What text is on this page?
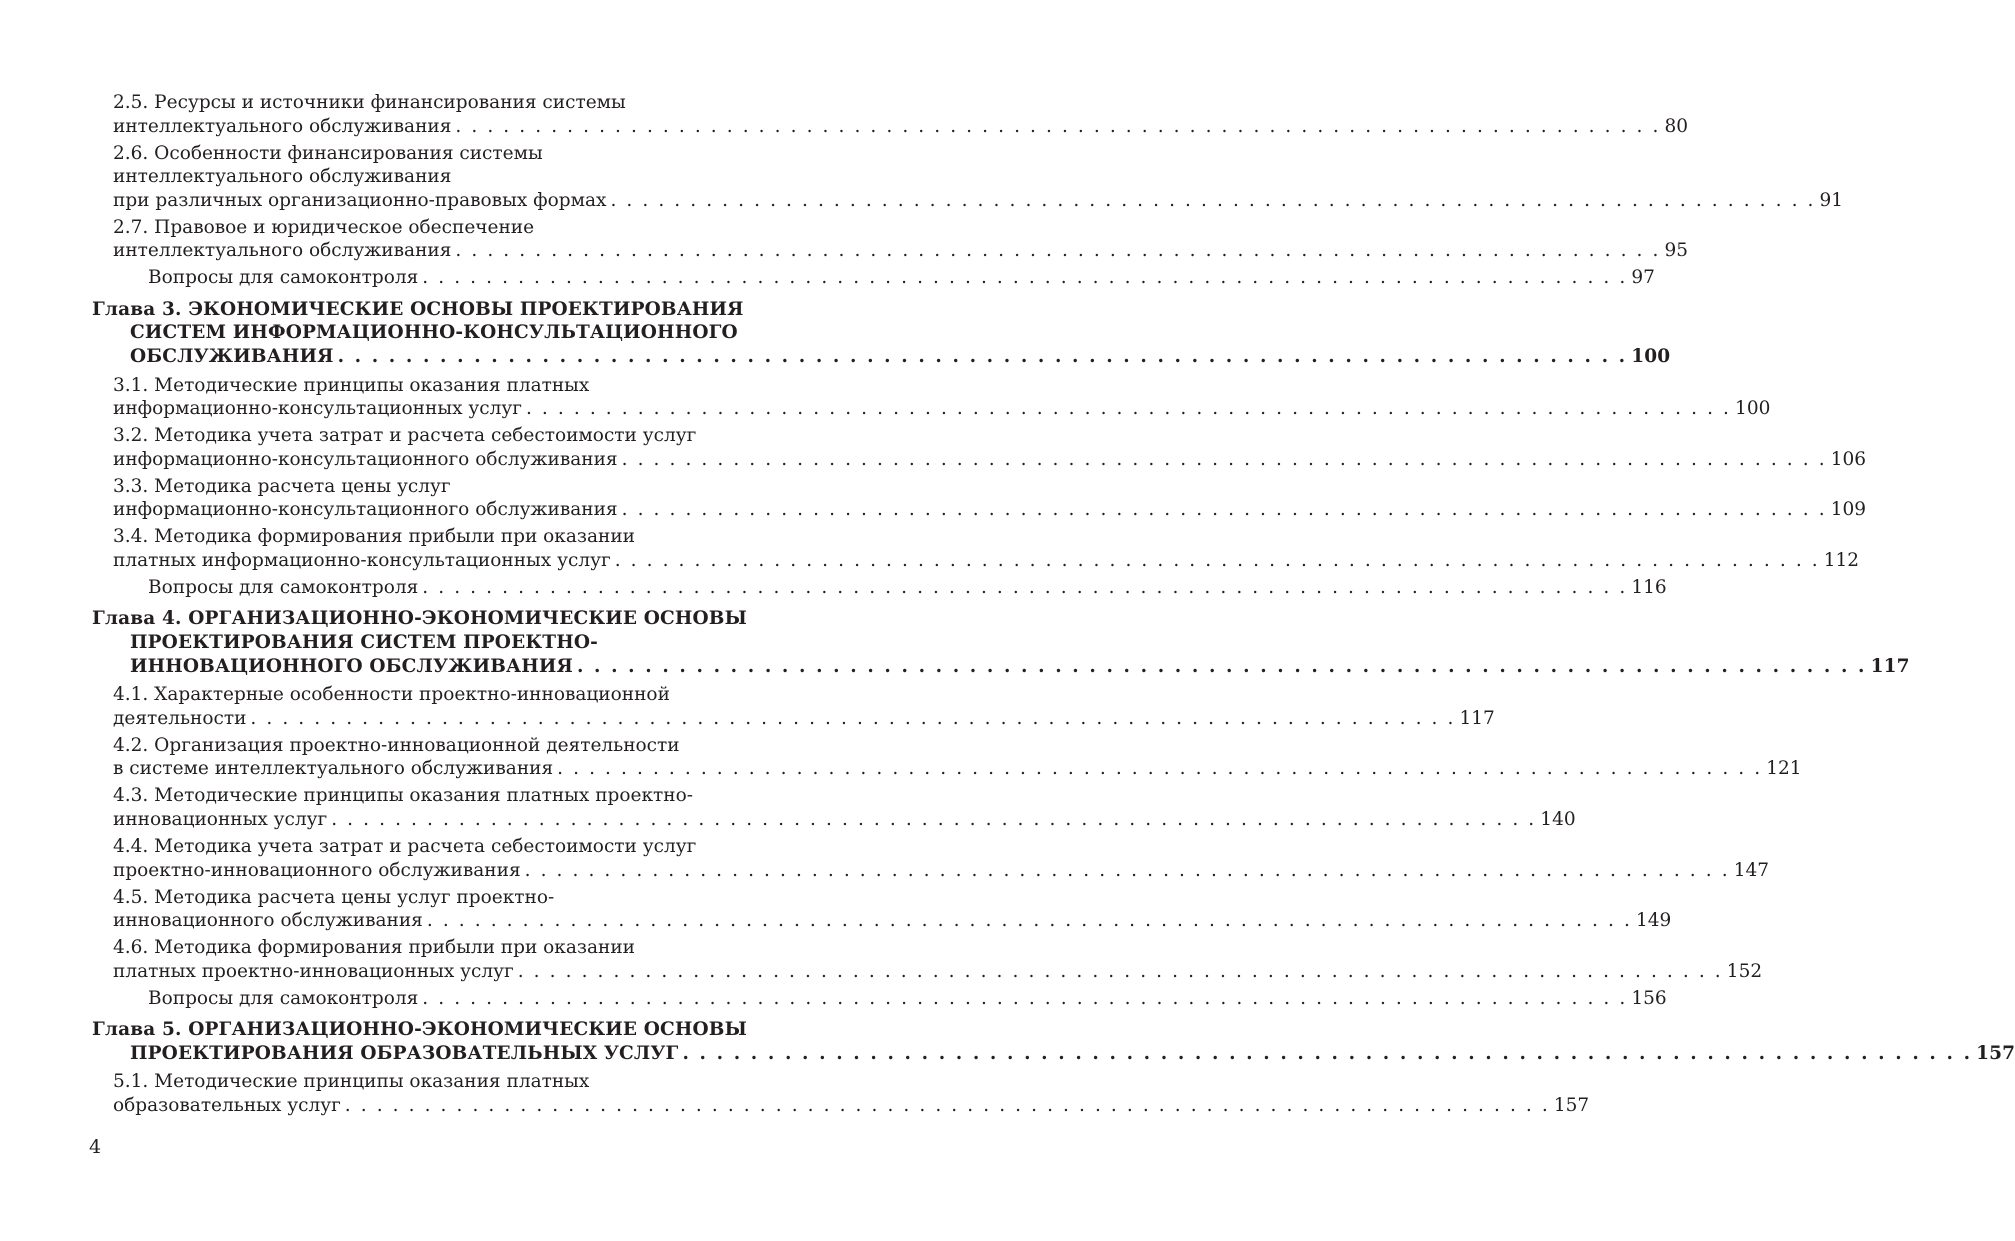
2.5. Ресурсы и источники финансирования системы
интеллектуального обслуживания . . . . . . . . . . . . . . . . . . . . . . . . . . . . . . . . . . . . . . . . . . . . . . . . . . . . . . . . . . . . . . . . . . . . . . . . . . . . 80
2.6. Особенности финансирования системы
интеллектуального обслуживания
при различных организационно-правовых формах . . . . . . . . . . . . . . . . . . . . . . . . . . . . . . . . . . . . . . . . . . . . . . . . . . . . . . . . . . . . . . . . . . . . . . . . . . . . 91
2.7. Правовое и юридическое обеспечение
интеллектуального обслуживания . . . . . . . . . . . . . . . . . . . . . . . . . . . . . . . . . . . . . . . . . . . . . . . . . . . . . . . . . . . . . . . . . . . . . . . . . . . . 95
Вопросы для самоконтроля . . . . . . . . . . . . . . . . . . . . . . . . . . . . . . . . . . . . . . . . . . . . . . . . . . . . . . . . . . . . . . . . . . . . . . . . . . . . 97
Глава 3. ЭКОНОМИЧЕСКИЕ ОСНОВЫ ПРОЕКТИРОВАНИЯ
СИСТЕМ ИНФОРМАЦИОННО-КОНСУЛЬТАЦИОННОГО
ОБСЛУЖИВАНИЯ . . . . . . . . . . . . . . . . . . . . . . . . . . . . . . . . . . . . . . . . . . . . . . . . . . . . . . . . . . . . . . . . . . . . . . . . . . . . 100
3.1. Методические принципы оказания платных
информационно-консультационных услуг . . . . . . . . . . . . . . . . . . . . . . . . . . . . . . . . . . . . . . . . . . . . . . . . . . . . . . . . . . . . . . . . . . . . . . . . . . . . 100
3.2. Методика учета затрат и расчета себестоимости услуг
информационно-консультационного обслуживания . . . . . . . . . . . . . . . . . . . . . . . . . . . . . . . . . . . . . . . . . . . . . . . . . . . . . . . . . . . . . . . . . . . . . . . . . . . . 106
3.3. Методика расчета цены услуг
информационно-консультационного обслуживания . . . . . . . . . . . . . . . . . . . . . . . . . . . . . . . . . . . . . . . . . . . . . . . . . . . . . . . . . . . . . . . . . . . . . . . . . . . . 109
3.4. Методика формирования прибыли при оказании
платных информационно-консультационных услуг . . . . . . . . . . . . . . . . . . . . . . . . . . . . . . . . . . . . . . . . . . . . . . . . . . . . . . . . . . . . . . . . . . . . . . . . . . . . 112
Вопросы для самоконтроля . . . . . . . . . . . . . . . . . . . . . . . . . . . . . . . . . . . . . . . . . . . . . . . . . . . . . . . . . . . . . . . . . . . . . . . . . . . . 116
Глава 4. ОРГАНИЗАЦИОННО-ЭКОНОМИЧЕСКИЕ ОСНОВЫ
ПРОЕКТИРОВАНИЯ СИСТЕМ ПРОЕКТНО-
ИННОВАЦИОННОГО ОБСЛУЖИВАНИЯ . . . . . . . . . . . . . . . . . . . . . . . . . . . . . . . . . . . . . . . . . . . . . . . . . . . . . . . . . . . . . . . . . . . . . . . . . . . . 117
4.1. Характерные особенности проектно-инновационной
деятельности . . . . . . . . . . . . . . . . . . . . . . . . . . . . . . . . . . . . . . . . . . . . . . . . . . . . . . . . . . . . . . . . . . . . . . . . . . . . 117
4.2. Организация проектно-инновационной деятельности
в системе интеллектуального обслуживания . . . . . . . . . . . . . . . . . . . . . . . . . . . . . . . . . . . . . . . . . . . . . . . . . . . . . . . . . . . . . . . . . . . . . . . . . . . . 121
4.3. Методические принципы оказания платных проектно-
инновационных услуг . . . . . . . . . . . . . . . . . . . . . . . . . . . . . . . . . . . . . . . . . . . . . . . . . . . . . . . . . . . . . . . . . . . . . . . . . . . . 140
4.4. Методика учета затрат и расчета себестоимости услуг
проектно-инновационного обслуживания . . . . . . . . . . . . . . . . . . . . . . . . . . . . . . . . . . . . . . . . . . . . . . . . . . . . . . . . . . . . . . . . . . . . . . . . . . . . 147
4.5. Методика расчета цены услуг проектно-
инновационного обслуживания . . . . . . . . . . . . . . . . . . . . . . . . . . . . . . . . . . . . . . . . . . . . . . . . . . . . . . . . . . . . . . . . . . . . . . . . . . . . 149
4.6. Методика формирования прибыли при оказании
платных проектно-инновационных услуг . . . . . . . . . . . . . . . . . . . . . . . . . . . . . . . . . . . . . . . . . . . . . . . . . . . . . . . . . . . . . . . . . . . . . . . . . . . . 152
Вопросы для самоконтроля . . . . . . . . . . . . . . . . . . . . . . . . . . . . . . . . . . . . . . . . . . . . . . . . . . . . . . . . . . . . . . . . . . . . . . . . . . . . 156
Глава 5. ОРГАНИЗАЦИОННО-ЭКОНОМИЧЕСКИЕ ОСНОВЫ
ПРОЕКТИРОВАНИЯ ОБРАЗОВАТЕЛЬНЫХ УСЛУГ . . . . . . . . . . . . . . . . . . . . . . . . . . . . . . . . . . . . . . . . . . . . . . . . . . . . . . . . . . . . . . . . . . . . . . . . . . . . 157
5.1. Методические принципы оказания платных
образовательных услуг . . . . . . . . . . . . . . . . . . . . . . . . . . . . . . . . . . . . . . . . . . . . . . . . . . . . . . . . . . . . . . . . . . . . . . . . . . . . 157
4
